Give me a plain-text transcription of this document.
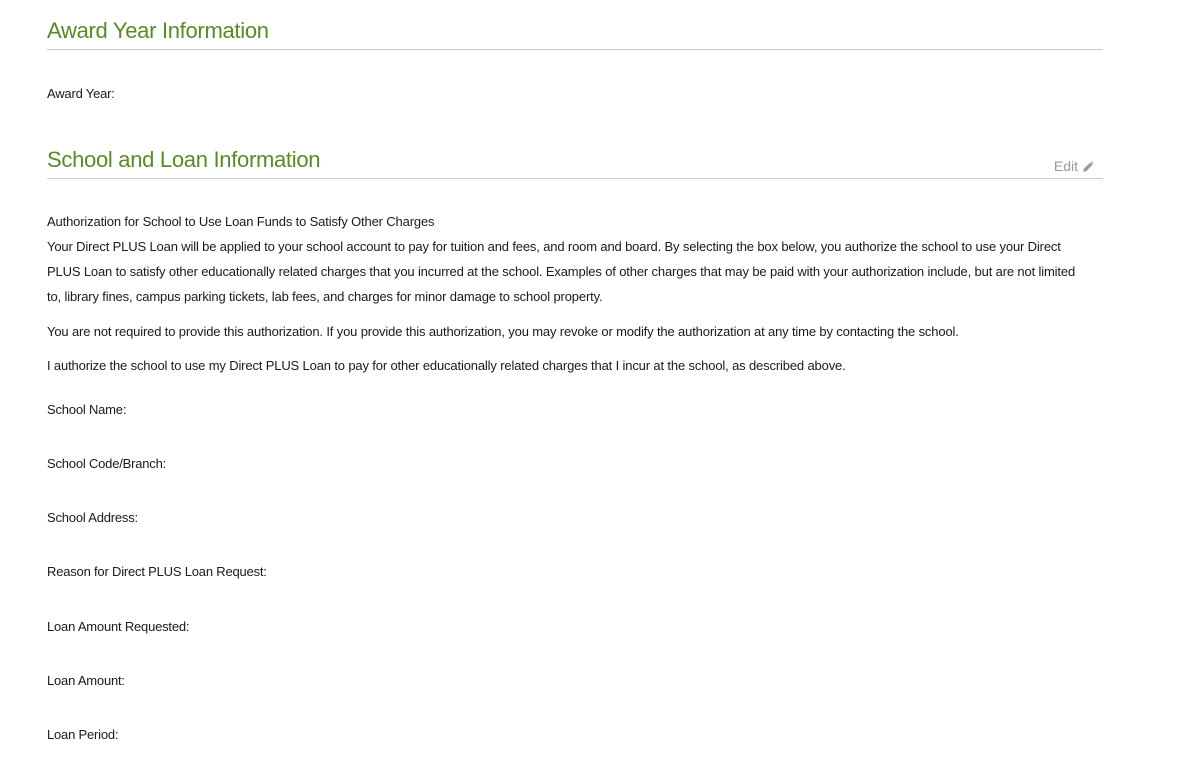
Award Year Information
Award Year:
School and Loan Information	Edit
Authorization for School to Use Loan Funds to Satisfy Other Charges

Your Direct PLUS Loan will be applied to your school account to pay for tuition and fees, and room and board. By selecting the box below, you authorize the school to use your Direct PLUS Loan to satisfy other educationally related charges that you incurred at the school. Examples of other charges that may be paid with your authorization include, but are not limited to, library fines, campus parking tickets, lab fees, and charges for minor damage to school property.

You are not required to provide this authorization. If you provide this authorization, you may revoke or modify the authorization at any time by contacting the school.

I authorize the school to use my Direct PLUS Loan to pay for other educationally related charges that I incur at the school, as described above.

School Name:
School Code/Branch:
School Address:
Reason for Direct PLUS Loan Request:
Loan Amount Requested:
Loan Amount:
Loan Period:
